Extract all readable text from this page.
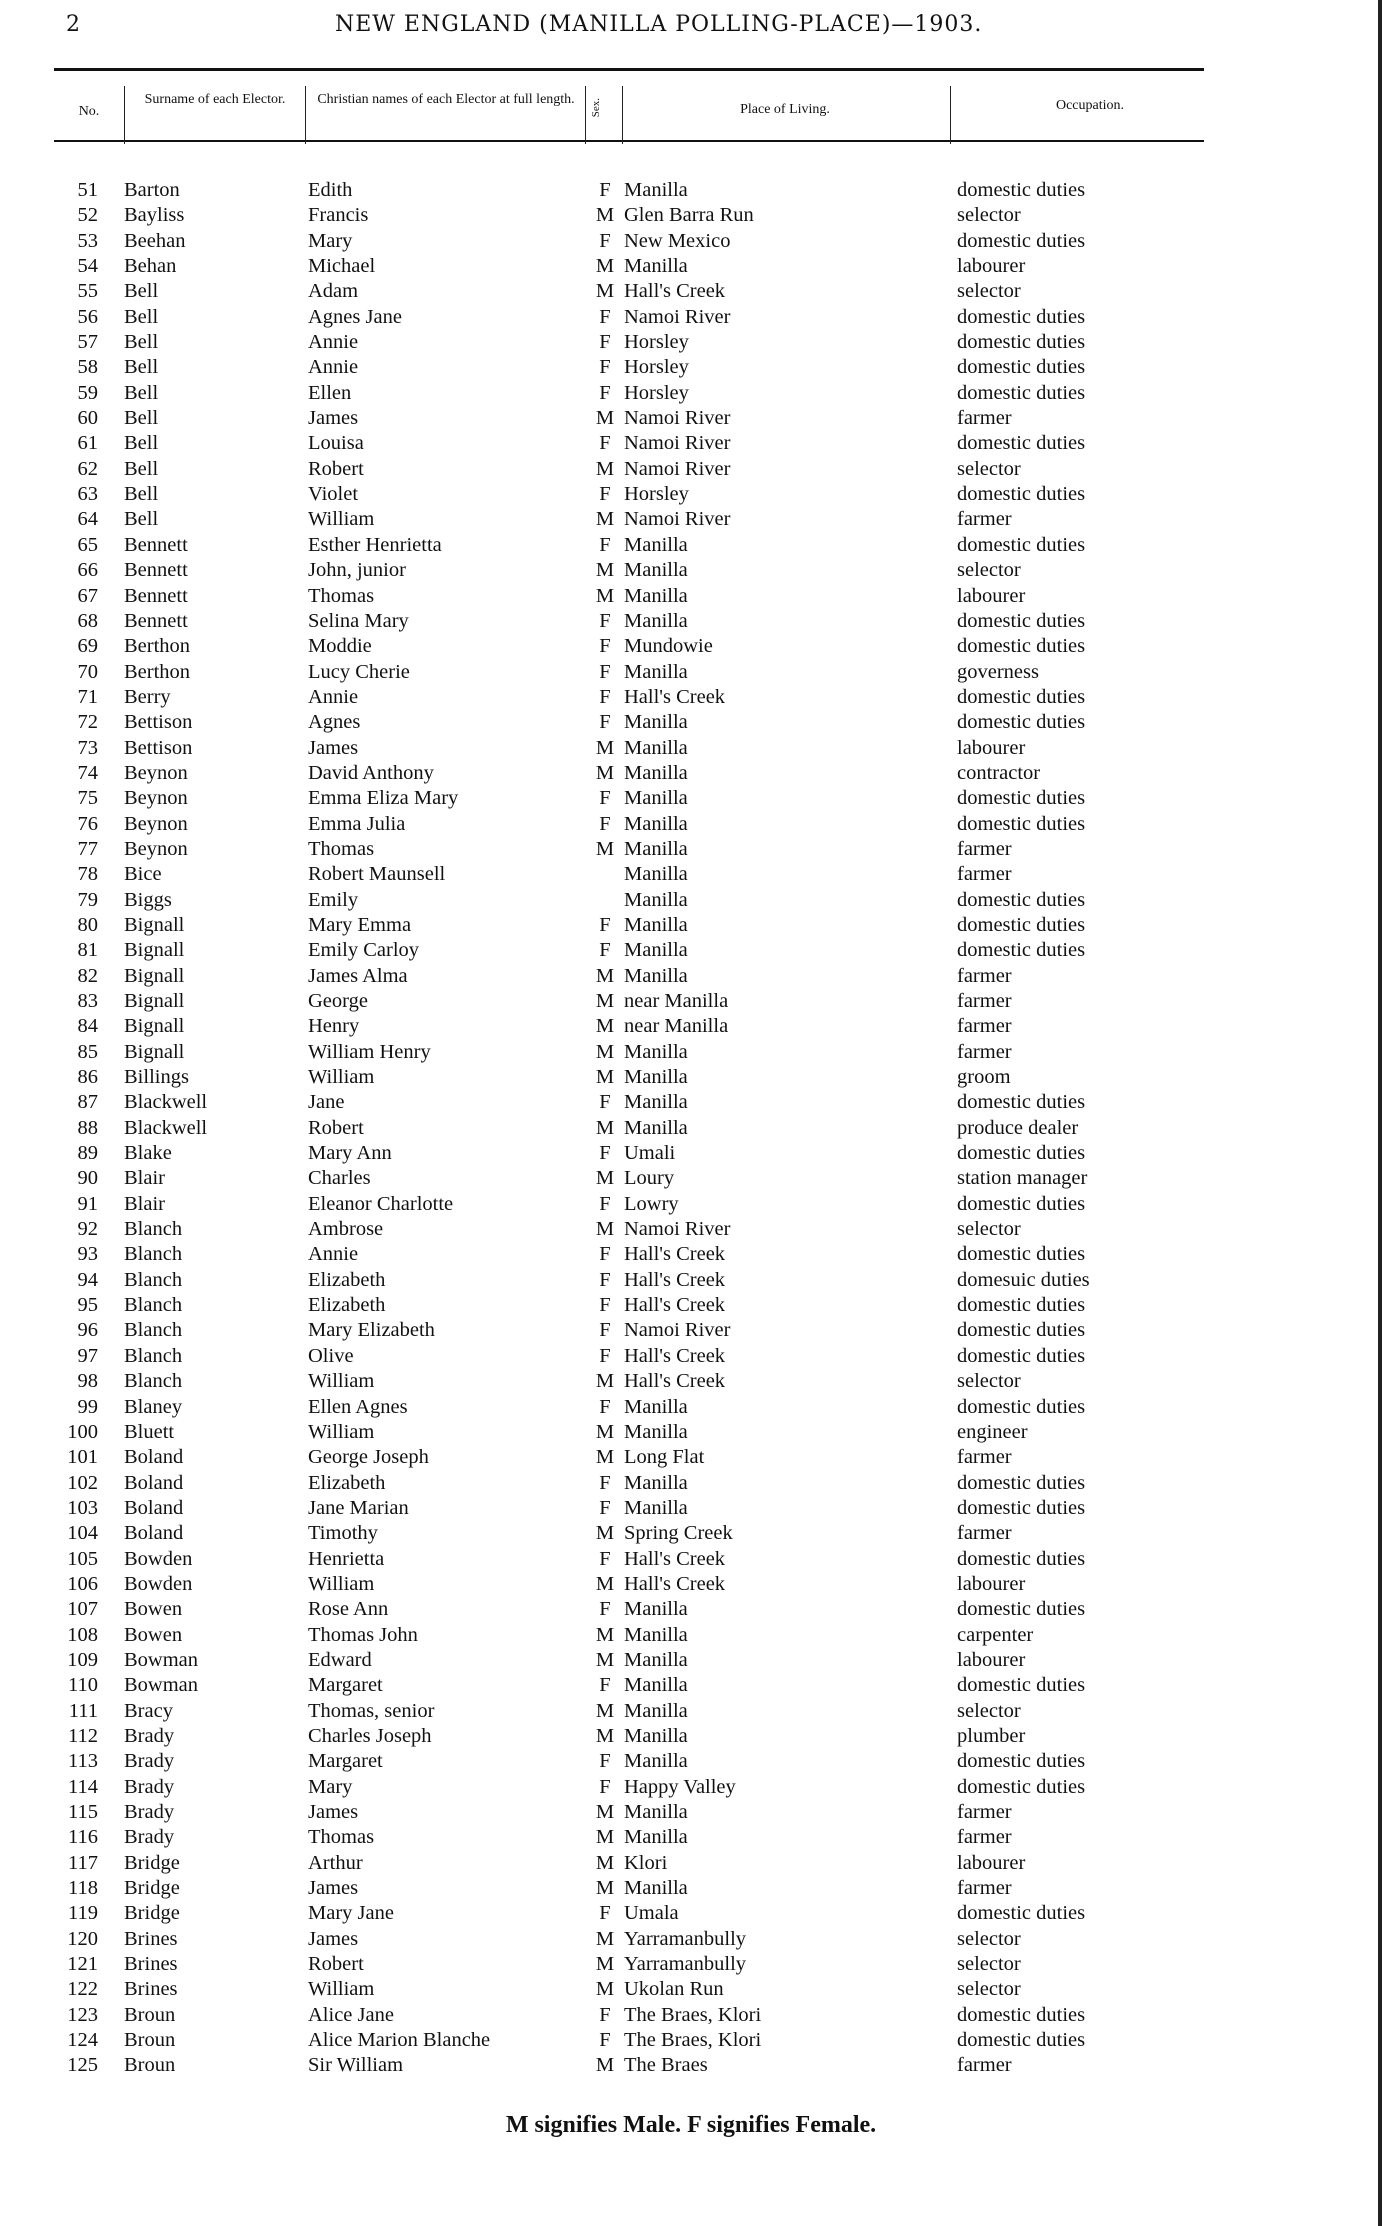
2	NEW ENGLAND (MANILLA POLLING-PLACE)—1903.
No.
Surname of each Elector.	Christian names of each Elector at full length.	Sex.	Place of Living.	Occupation.
51 Barton	Edith	F Manilla	domestic duties
52 Bayliss	Francis	M Glen Barra Run	selector
53 Beehan	Mary	F New Mexico	domestic duties
54 Behan	Michael	M Manilla	labourer
55 Bell	Adam	M Hall's Creek	selector
56 Bell	Agnes Jane	F Namoi River	domestic duties
57 Bell	Annie	F Horsley	domestic duties
58 Bell	Annie	F Horsley	domestic duties
59 Bell	Ellen	F Horsley	domestic duties
60 Bell	James	M Namoi River	farmer
61 Bell	Louisa	F Namoi River	domestic duties
62 Bell	Robert	M Namoi River	selector
63 Bell	Violet	F Horsley	domestic duties
64 Bell	William	M Namoi River	farmer
65 Bennett	Esther Henrietta	F Manilla	domestic duties
66 Bennett	John, junior	M Manilla	selector
67 Bennett	Thomas	M Manilla	labourer
68 Bennett	Selina Mary	F Manilla	domestic duties
69 Berthon	Moddie	F Mundowie	domestic duties
70 Berthon	Lucy Cherie	F Manilla	governess
71 Berry	Annie	F Hall's Creek	domestic duties
72 Bettison	Agnes	F Manilla	domestic duties
73 Bettison	James	M Manilla	labourer
74 Beynon	David Anthony	M Manilla	contractor
75 Beynon	Emma Eliza Mary	F Manilla	domestic duties
76 Beynon	Emma Julia	F Manilla	domestic duties
77 Beynon	Thomas	M Manilla	farmer
78 Bice	Robert Maunsell	Manilla	farmer
79 Biggs	Emily	Manilla	domestic duties
80 Bignall	Mary Emma	F Manilla	domestic duties
81 Bignall	Emily Carloy	F Manilla	domestic duties
82 Bignall	James Alma	M Manilla	farmer
83 Bignall	George	M near Manilla	farmer
84 Bignall	Henry	M near Manilla	farmer
85 Bignall	William Henry	M Manilla	farmer
86 Billings	William	M Manilla	groom
87 Blackwell	Jane	F Manilla	domestic duties
88 Blackwell	Robert	M Manilla	produce dealer
89 Blake	Mary Ann	F Umali	domestic duties
90 Blair	Charles	M Loury	station manager
91 Blair	Eleanor Charlotte	F Lowry	domestic duties
92 Blanch	Ambrose	M Namoi River	selector
93 Blanch	Annie	F Hall's Creek	domestic duties
94 Blanch	Elizabeth	F Hall's Creek	domesuic duties
95 Blanch	Elizabeth	F Hall's Creek	domestic duties
96 Blanch	Mary Elizabeth	F Namoi River	domestic duties
97 Blanch	Olive	F Hall's Creek	domestic duties
98 Blanch	William	M Hall's Creek	selector
99 Blaney	Ellen Agnes	F Manilla	domestic duties
100 Bluett	William	M Manilla	engineer
101 Boland	George Joseph	M Long Flat	farmer
102 Boland	Elizabeth	F Manilla	domestic duties
103 Boland	Jane Marian	F Manilla	domestic duties
104 Boland	Timothy	M Spring Creek	farmer
105 Bowden	Henrietta	F Hall's Creek	domestic duties
106 Bowden	William	M Hall's Creek	labourer
107 Bowen	Rose Ann	F Manilla	domestic duties
108 Bowen	Thomas John	M Manilla	carpenter
109 Bowman	Edward	M Manilla	labourer
110 Bowman	Margaret	F Manilla	domestic duties
111 Bracy	Thomas, senior	M Manilla	selector
112 Brady	Charles Joseph	M Manilla	plumber
113 Brady	Margaret	F Manilla	domestic duties
114 Brady	Mary	F Happy Valley	domestic duties
115 Brady	James	M Manilla	farmer
116 Brady	Thomas	M Manilla	farmer
117 Bridge	Arthur	M Klori	labourer
118 Bridge	James	M Manilla	farmer
119 Bridge	Mary Jane	F Umala	domestic duties
120 Brines	James	M Yarramanbully	selector
121 Brines	Robert	M Yarramanbully	selector
122 Brines	William	M Ukolan Run	selector
123 Broun	Alice Jane	F The Braes, Klori	domestic duties
124 Broun	Alice Marion Blanche	F The Braes, Klori	domestic duties
125 Broun	Sir William	M The Braes	farmer
M signifies Male. F signifies Female.
